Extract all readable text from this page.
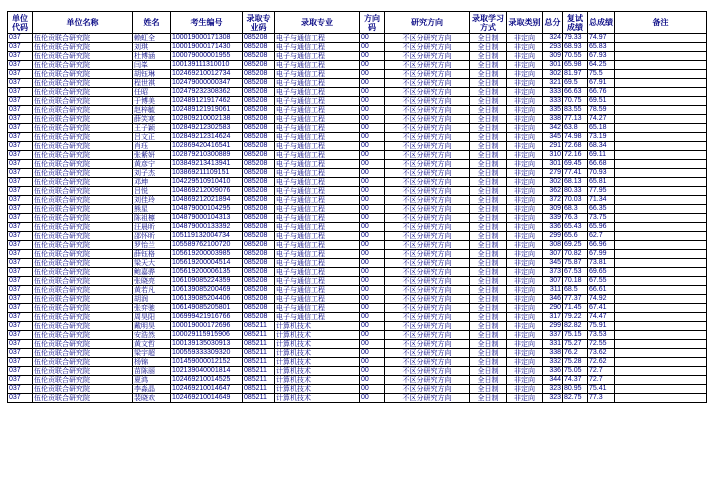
单位代码	单位名称	姓名	考生编号	录取专业码	录取专业	方向码	研究方向	录取学习方式	录取类别	总分	复试成绩	总成绩	备注
037	伍伦贡联合研究院	赖虹全	100019000171308	085208	电子与通信工程	00	不区分研究方向	全日制	非定向	324	79.33	74.97	
037	伍伦贡联合研究院	刘琪	100019000171430	085208	电子与通信工程	00	不区分研究方向	全日制	非定向	293	68.93	65.83	
037	伍伦贡联合研究院	杜博涵	100079000001955	085208	电子与通信工程	00	不区分研究方向	全日制	非定向	309	70.55	67.93	
037	伍伦贡联合研究院	闫峯	100139111310010	085208	电子与通信工程	00	不区分研究方向	全日制	非定向	301	65.98	64.25	
037	伍伦贡联合研究院	胡钰琳	102469210012734	085208	电子与通信工程	00	不区分研究方向	全日制	非定向	302	81.97	75.5	
037	伍伦贡联合研究院	程世祺	102479000000347	085208	电子与通信工程	00	不区分研究方向	全日制	非定向	321	69.5	67.91	
037	伍伦贡联合研究院	任昭	102479232308362	085208	电子与通信工程	00	不区分研究方向	全日制	非定向	333	66.63	66.76	
037	伍伦贡联合研究院	于博美	102489121917462	085208	电子与通信工程	00	不区分研究方向	全日制	非定向	333	70.75	69.51	
037	伍伦贡联合研究院	赵梓毓	102489121919061	085208	电子与通信工程	00	不区分研究方向	全日制	非定向	335	83.55	78.59	
037	伍伦贡联合研究院	薛笑寒	102809210002138	085208	电子与通信工程	00	不区分研究方向	全日制	非定向	338	77.13	74.27	
037	伍伦贡联合研究院	王子颖	102849212302583	085208	电子与通信工程	00	不区分研究方向	全日制	非定向	342	63.8	65.18	
037	伍伦贡联合研究院	吕文正	102849212314624	085208	电子与通信工程	00	不区分研究方向	全日制	非定向	345	74.98	73.19	
037	伍伦贡联合研究院	肖珏	102869420416541	085208	电子与通信工程	00	不区分研究方向	全日制	非定向	291	72.68	68.34	
037	伍伦贡联合研究院	张紫妍	102879210300889	085208	电子与通信工程	00	不区分研究方向	全日制	非定向	310	72.16	69.11	
037	伍伦贡联合研究院	黄彦宁	103849213413941	085208	电子与通信工程	00	不区分研究方向	全日制	非定向	301	69.45	66.68	
037	伍伦贡联合研究院	刘子杰	103869211109151	085208	电子与通信工程	00	不区分研究方向	全日制	非定向	279	77.41	70.93	
037	伍伦贡联合研究院	邓坤	104229510910410	085208	电子与通信工程	00	不区分研究方向	全日制	非定向	302	68.13	65.81	
037	伍伦贡联合研究院	吕悦	104869212009076	085208	电子与通信工程	00	不区分研究方向	全日制	非定向	362	80.33	77.95	
037	伍伦贡联合研究院	刘佳玲	104869212021894	085208	电子与通信工程	00	不区分研究方向	全日制	非定向	372	70.03	71.34	
037	伍伦贡联合研究院	熊星	104879000104295	085208	电子与通信工程	00	不区分研究方向	全日制	非定向	309	68.3	66.35	
037	伍伦贡联合研究院	陈祖檩	104879000104313	085208	电子与通信工程	00	不区分研究方向	全日制	非定向	339	76.3	73.75	
037	伍伦贡联合研究院	汪晨昕	104879000133392	085208	电子与通信工程	00	不区分研究方向	全日制	非定向	336	65.43	65.96	
037	伍伦贡联合研究院	邵怀昕	105119132004734	085208	电子与通信工程	00	不区分研究方向	全日制	非定向	299	65.6	62.7	
037	伍伦贡联合研究院	罗怡兰	105589762100720	085208	电子与通信工程	00	不区分研究方向	全日制	非定向	308	69.25	66.96	
037	伍伦贡联合研究院	薛钰格	105619200003985	085208	电子与通信工程	00	不区分研究方向	全日制	非定向	307	70.82	67.99	
037	伍伦贡联合研究院	梁天大	105619200004514	085208	电子与通信工程	00	不区分研究方向	全日制	非定向	345	75.87	73.81	
037	伍伦贡联合研究院	鲍嘉骅	105619200006135	085208	电子与通信工程	00	不区分研究方向	全日制	非定向	373	67.53	69.65	
037	伍伦贡联合研究院	张晓亮	106109085224359	085208	电子与通信工程	00	不区分研究方向	全日制	非定向	307	70.18	67.55	
037	伍伦贡联合研究院	黄若凡	106139085200469	085208	电子与通信工程	00	不区分研究方向	全日制	非定向	311	68.5	66.61	
037	伍伦贡联合研究院	胡润	106139085204406	085208	电子与通信工程	00	不区分研究方向	全日制	非定向	346	77.37	74.92	
037	伍伦贡联合研究院	张弈驰	106149085205801	085208	电子与通信工程	00	不区分研究方向	全日制	非定向	290	71.45	67.41	
037	伍伦贡联合研究院	周昊阳	106999421916766	085208	电子与通信工程	00	不区分研究方向	全日制	非定向	317	79.22	74.47	
037	伍伦贡联合研究院	戴明昊	100019000172696	085211	计算机技术	00	不区分研究方向	全日制	非定向	299	82.82	75.91	
037	伍伦贡联合研究院	安浩然	100029115915906	085211	计算机技术	00	不区分研究方向	全日制	非定向	337	75.15	73.53	
037	伍伦贡联合研究院	黄文哲	100139135030913	085211	计算机技术	00	不区分研究方向	全日制	非定向	331	75.27	72.55	
037	伍伦贡联合研究院	梁宇超	100559333309320	085211	计算机技术	00	不区分研究方向	全日制	非定向	338	76.2	73.62	
037	伍伦贡联合研究院	杨锦	101459000012152	085211	计算机技术	00	不区分研究方向	全日制	非定向	332	75.28	72.62	
037	伍伦贡联合研究院	苗陈丽	102139040001814	085211	计算机技术	00	不区分研究方向	全日制	非定向	336	75.05	72.7	
037	伍伦贡联合研究院	夏鸿	102469210014525	085211	计算机技术	00	不区分研究方向	全日制	非定向	344	74.37	72.7	
037	伍伦贡联合研究院	李淼晶	102469210014647	085211	计算机技术	00	不区分研究方向	全日制	非定向	323	80.95	75.41	
037	伍伦贡联合研究院	裴晓欢	102469210014649	085211	计算机技术	00	不区分研究方向	全日制	非定向	323	82.75	77.3	
